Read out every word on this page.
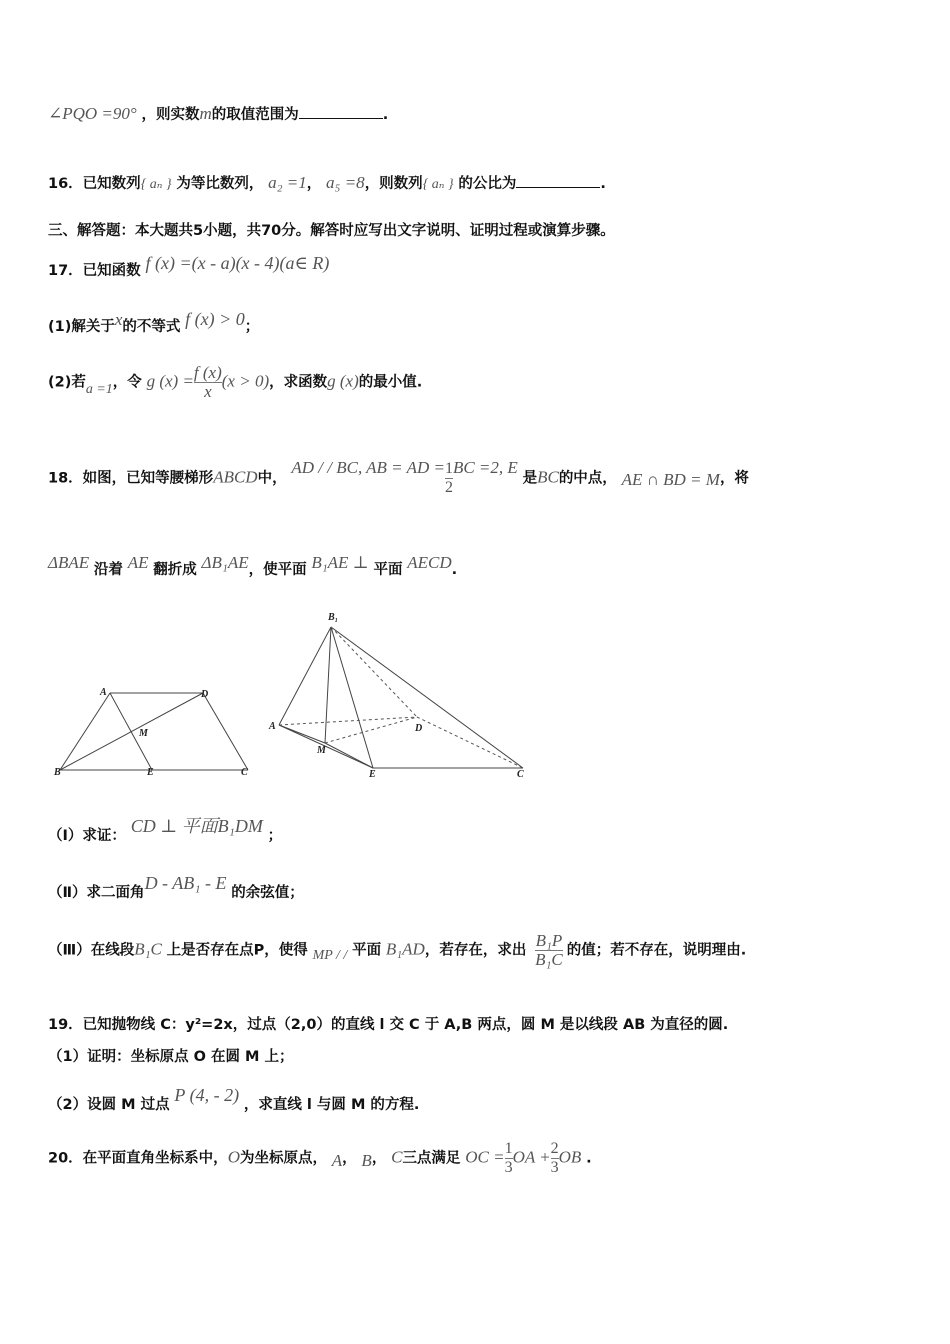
∠PQO =90° ，则实数m的取值范围为	.
16．已知数列{ aₙ } 为等比数列， a₂ =1， a₅ =8，则数列{ aₙ } 的公比为	.
三、解答题：本大题共5小题，共70分。解答时应写出文字说明、证明过程或演算步骤。
17．已知函数 f (x) =(x - a)(x - 4)(a∈ R)
(1)解关于x的不等式 f (x) > 0；
(2)若a =1，令 g $(x) = \frac{f (x)}{x} (x > 0)$，求函数g (x)的最小值.
18．如图，已知等腰梯形ABCD中， AD / / BC, AB = AD = $\frac{1}{2}$ BC =2, E 是BC的中点， AE ∩ BD = M，将
ΔBAE 沿着 AE 翻折成 ΔB₁AE，使平面 B₁AE ⊥ 平面 AECD.
A	D
M
B	E	C
B₁
A	D
M
E	C
（Ⅰ）求证： CD ⊥ 平面B₁DM ；
（Ⅱ）求二面角D - AB₁ - E 的余弦值；
（Ⅲ）在线段B₁C 上是否存在点P，使得 MP / / 平面 B₁AD，若存在，求出 $\frac{\text{B₁P}}{\text{B₁C}}$ 的值；若不存在，说明理由.
19．已知抛物线 C：y²=2x，过点（2,0）的直线 l 交 C 于 A,B 两点，圆 M 是以线段 AB 为直径的圆.
（1）证明：坐标原点 O 在圆 M 上；
（2）设圆 M 过点 P (4, - 2) ，求直线 l 与圆 M 的方程.
20．在平面直角坐标系中，O为坐标原点， A， B， C三点满足 OC = $\frac{1}{3}$ OA + $\frac{2}{3}$ OB .
